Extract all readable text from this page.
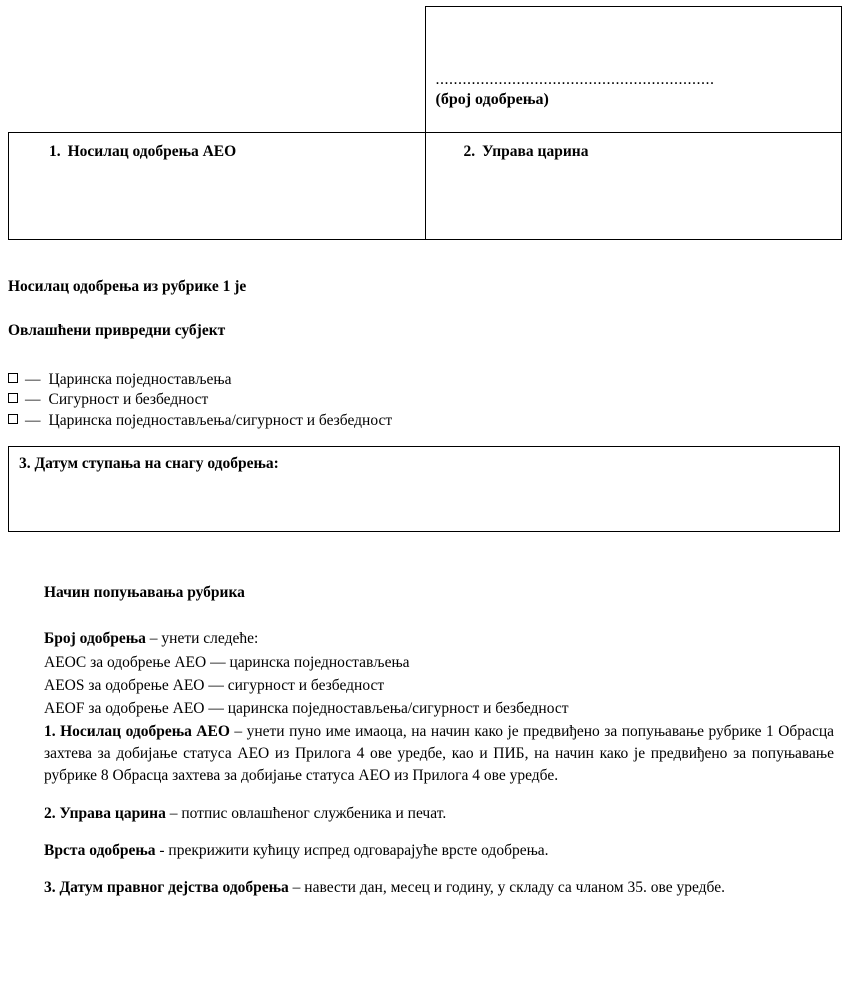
	..............................................................
(број одобрења)

1. Носилац одобрења АЕО	2. Управа царина
Носилац одобрења из рубрике 1 је
Овлашћени привредни субјект
— Царинска поједностављења
— Сигурност и безбедност
— Царинска поједностављења/сигурност и безбедност
3. Датум ступања на снагу одобрења:
Начин попуњавања рубрика

Број одобрења – унети следеће:

АЕОC за одобрење АЕО — царинска поједностављења

АЕОS за одобрење АЕО — сигурност и безбедност

АЕОF за одобрење АЕО — царинска поједностављења/сигурност и безбедност

1. Носилац одобрења АЕО – унети пуно име имаоца, на начин како је предвиђено за попуњавање рубрике 1 Обрасца захтева за добијање статуса АЕО из Прилога 4 ове уредбе, као и ПИБ, на начин како је предвиђено за попуњавање рубрике 8 Обрасца захтева за добијање статуса АЕО из Прилога 4 ове уредбе.

2. Управа царина – потпис овлашћеног службеника и печат.

Врста одобрења - прекрижити кућицу испред одговарајуће врсте одобрења.

3. Датум правног дејства одобрења – навести дан, месец и годину, у складу са чланом 35. ове уредбе.
